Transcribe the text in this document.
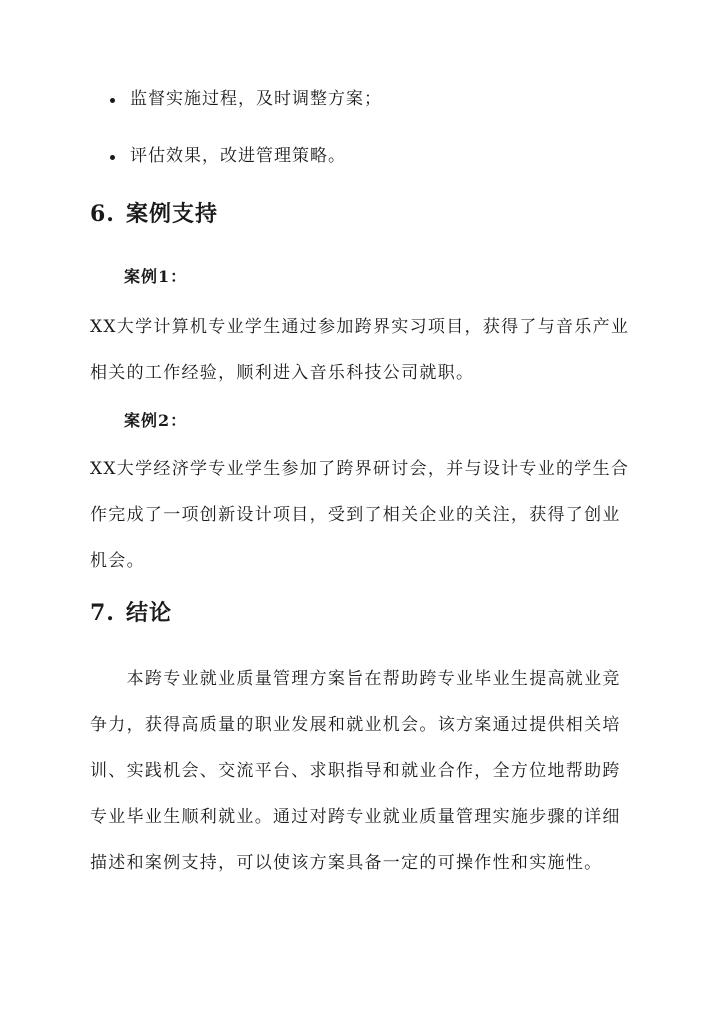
监督实施过程，及时调整方案；
评估效果，改进管理策略。
6. 案例支持
案例1：

XX大学计算机专业学生通过参加跨界实习项目，获得了与音乐产业
相关的工作经验，顺利进入音乐科技公司就职。

案例2：

XX大学经济学专业学生参加了跨界研讨会，并与设计专业的学生合
作完成了一项创新设计项目，受到了相关企业的关注，获得了创业
机会。

7. 结论

　　本跨专业就业质量管理方案旨在帮助跨专业毕业生提高就业竞
争力，获得高质量的职业发展和就业机会。该方案通过提供相关培
训、实践机会、交流平台、求职指导和就业合作，全方位地帮助跨
专业毕业生顺利就业。通过对跨专业就业质量管理实施步骤的详细
描述和案例支持，可以使该方案具备一定的可操作性和实施性。
